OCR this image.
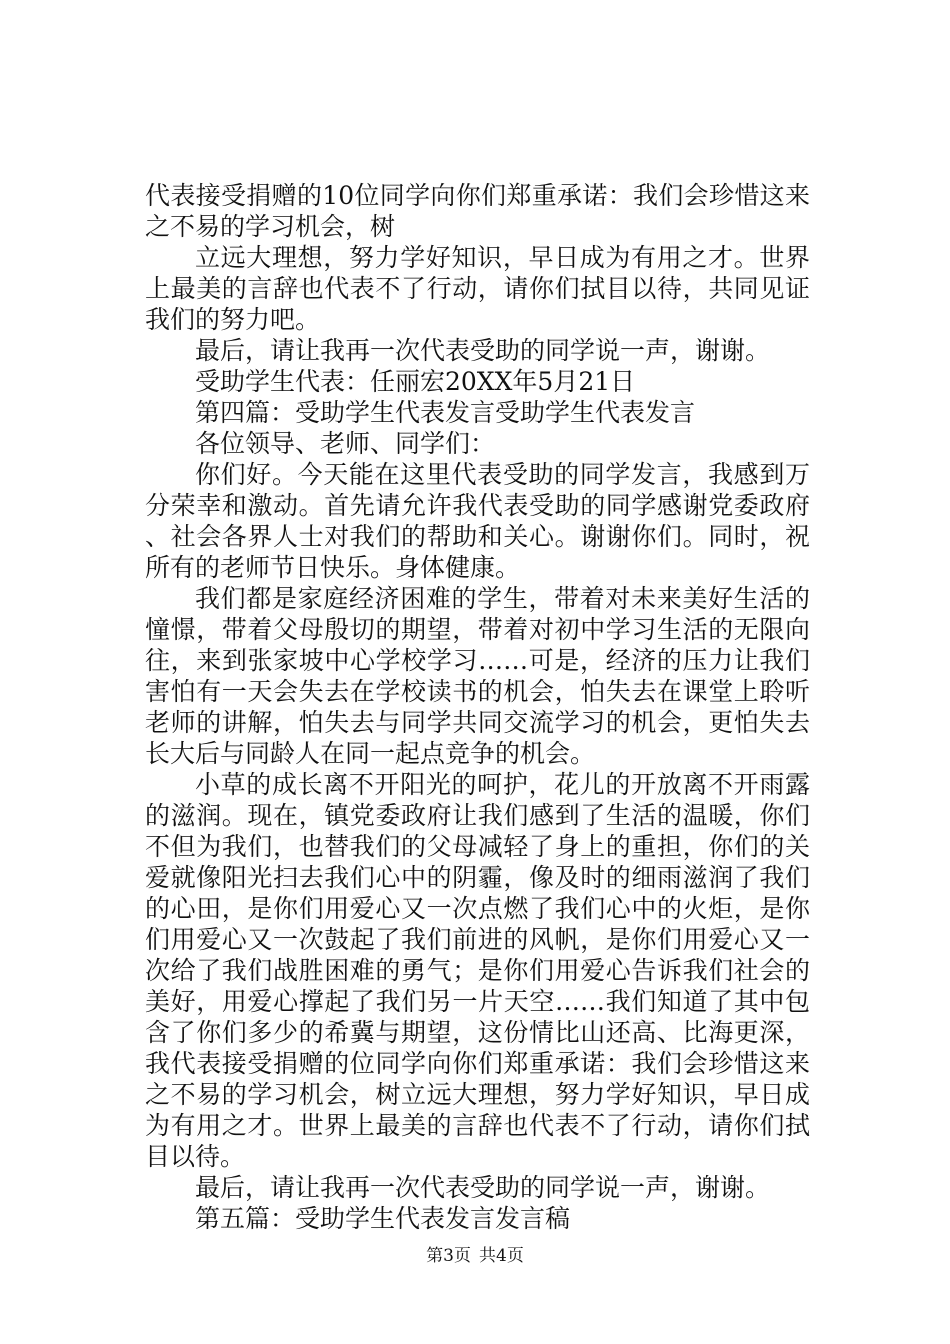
代表接受捐赠的10位同学向你们郑重承诺：我们会珍惜这来之不易的学习机会，树

立远大理想，努力学好知识，早日成为有用之才。世界上最美的言辞也代表不了行动，请你们拭目以待，共同见证我们的努力吧。

最后，请让我再一次代表受助的同学说一声，谢谢。

受助学生代表：任丽宏20XX年5月21日

第四篇：受助学生代表发言受助学生代表发言

各位领导、老师、同学们：

你们好。今天能在这里代表受助的同学发言，我感到万分荣幸和激动。首先请允许我代表受助的同学感谢党委政府、社会各界人士对我们的帮助和关心。谢谢你们。同时，祝所有的老师节日快乐。身体健康。

我们都是家庭经济困难的学生，带着对未来美好生活的憧憬，带着父母殷切的期望，带着对初中学习生活的无限向往，来到张家坡中心学校学习……可是，经济的压力让我们害怕有一天会失去在学校读书的机会，怕失去在课堂上聆听老师的讲解，怕失去与同学共同交流学习的机会，更怕失去长大后与同龄人在同一起点竞争的机会。

小草的成长离不开阳光的呵护，花儿的开放离不开雨露的滋润。现在，镇党委政府让我们感到了生活的温暖，你们不但为我们，也替我们的父母减轻了身上的重担，你们的关爱就像阳光扫去我们心中的阴霾，像及时的细雨滋润了我们的心田，是你们用爱心又一次点燃了我们心中的火炬，是你们用爱心又一次鼓起了我们前进的风帆，是你们用爱心又一次给了我们战胜困难的勇气；是你们用爱心告诉我们社会的美好，用爱心撑起了我们另一片天空……我们知道了其中包含了你们多少的希冀与期望，这份情比山还高、比海更深，我代表接受捐赠的位同学向你们郑重承诺：我们会珍惜这来之不易的学习机会，树立远大理想，努力学好知识，早日成为有用之才。世界上最美的言辞也代表不了行动，请你们拭目以待。

最后，请让我再一次代表受助的同学说一声，谢谢。

第五篇：受助学生代表发言发言稿

第3页 共4页
